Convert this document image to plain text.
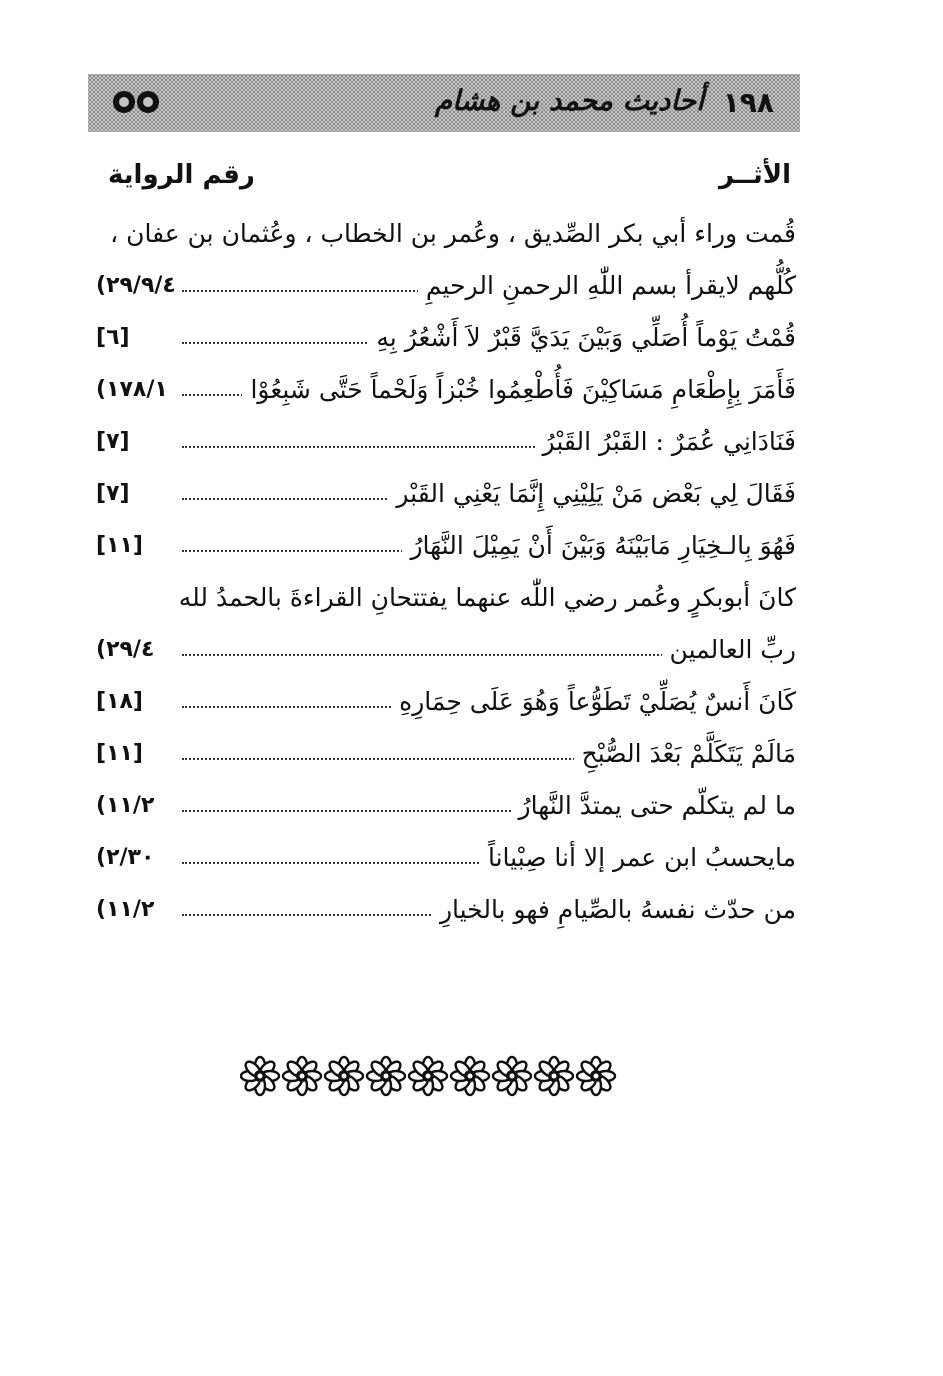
١٩٨
أحاديث محمد بن هشام
الأثــر
رقم الرواية
قُمت وراء أبي بكر الصِّديق ، وعُمر بن الخطاب ، وعُثمان بن عفان ،
كُلُّهم لايقرأ بسم اللّٰهِ الرحمنِ الرحيمِ
(٢٩/٩/٤
قُمْتُ يَوْماً أُصَلِّي وَبَيْنَ يَدَيَّ قَبْرٌ لاَ أَشْعُرُ بِهِ
[٦]
فَأَمَرَ بِإِطْعَامِ مَسَاكِيْنَ فَأُطْعِمُوا خُبْزاً وَلَحْماً حَتَّى شَبِعُوْا
(١٧٨/١
فَنَادَانِي عُمَرٌ : القَبْرُ القَبْرُ
[٧]
فَقَالَ لِي بَعْض مَنْ يَلِيْنِي إِنَّمَا يَعْنِي القَبْر
[٧]
فَهُوَ بِالـخِيَارِ مَابَيْنَهُ وَبَيْنَ أَنْ يَمِيْلَ النَّهَارُ
[١١]
كانَ أبوبكرٍ وعُمر رضي اللّٰه عنهما يفتتحانِ القراءةَ بالحمدُ لله
ربِّ العالمين
(٢٩/٤
كَانَ أَنسٌ يُصَلِّيْ تَطَوُّعاً وَهُوَ عَلَى حِمَارِهِ
[١٨]
مَالَمْ يَتَكَلَّمْ بَعْدَ الصُّبْحِ
[١١]
ما لم يتكلّم حتى يمتدَّ النَّهارُ
(١١/٢
مايحسبُ ابن عمر إلا أنا صِبْياناً
(٢/٣٠
من حدّث نفسهُ بالصِّيامِ فهو بالخيارِ
(١١/٢
